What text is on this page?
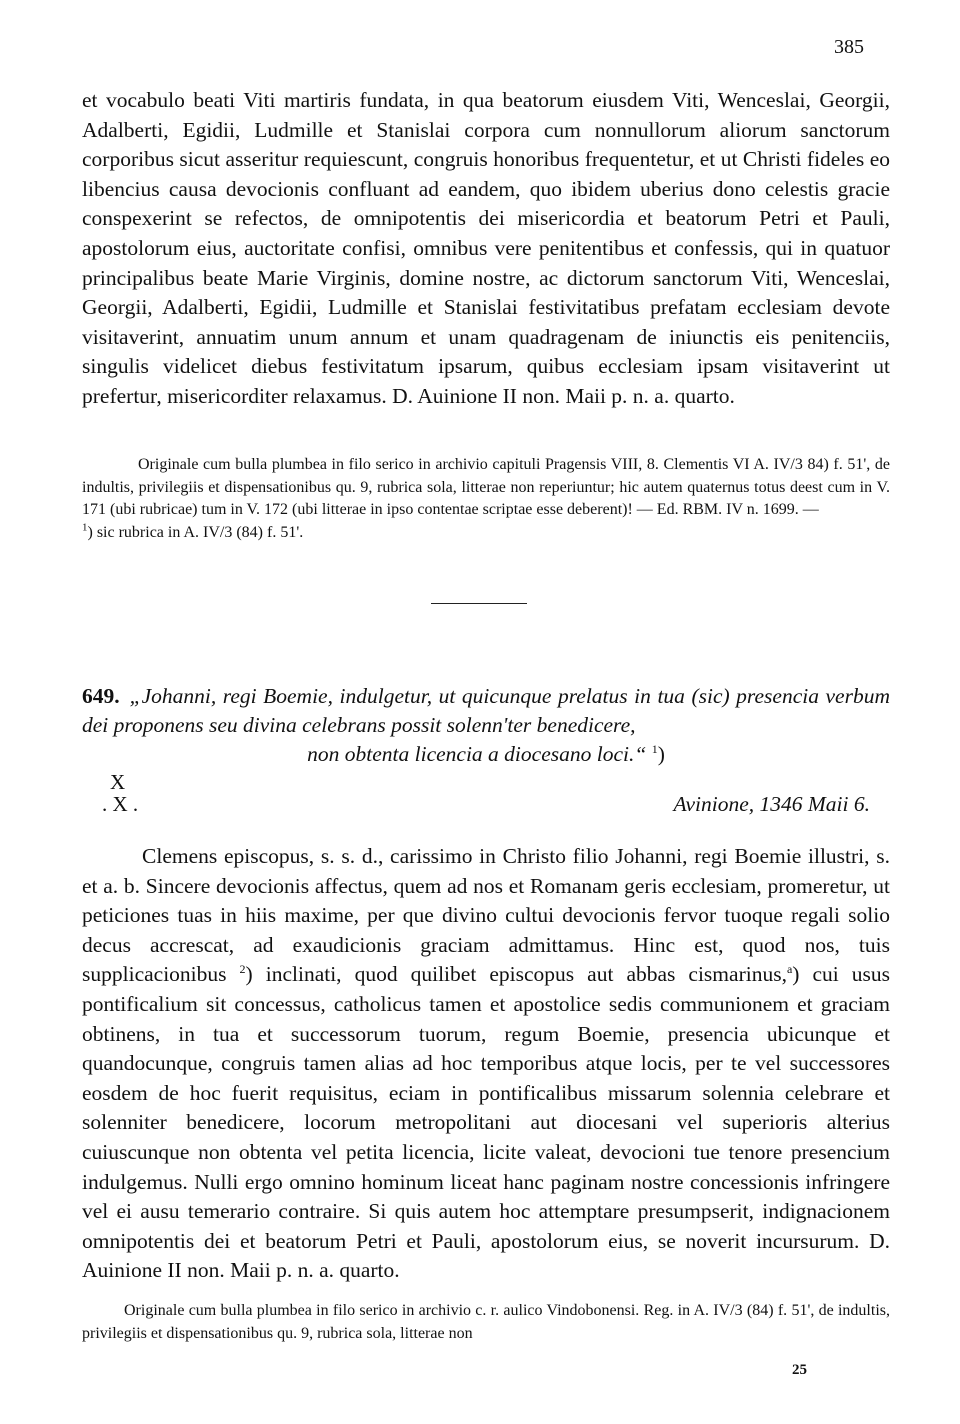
385

et vocabulo beati Viti martiris fundata, in qua beatorum eiusdem Viti, Wenceslai, Georgii, Adalberti, Egidii, Ludmille et Stanislai corpora cum nonnullorum aliorum sanctorum corporibus sicut asseritur requiescunt, congruis honoribus frequentetur, et ut Christi fideles eo libencius causa devocionis confluant ad eandem, quo ibidem uberius dono celestis gracie conspexerint se refectos, de omnipotentis dei misericordia et beatorum Petri et Pauli, apostolorum eius, auctoritate confisi, omnibus vere penitentibus et confessis, qui in quatuor principalibus beate Marie Virginis, domine nostre, ac dictorum sanctorum Viti, Wenceslai, Georgii, Adalberti, Egidii, Ludmille et Stanislai festivitatibus prefatam ecclesiam devote visitaverint, annuatim unum annum et unam quadragenam de iniunctis eis penitenciis, singulis videlicet diebus festivitatum ipsarum, quibus ecclesiam ipsam visitaverint ut prefertur, misericorditer relaxamus. D. Auinione II non. Maii p. n. a. quarto.

Originale cum bulla plumbea in filo serico in archivio capituli Pragensis VIII, 8. Clementis VI A. IV/3 84) f. 51', de indultis, privilegiis et dispensationibus qu. 9, rubrica sola, litterae non reperiuntur; hic autem quaternus totus deest cum in V. 171 (ubi rubricae) tum in V. 172 (ubi litterae in ipso contentae scriptae esse deberent)! — Ed. RBM. IV n. 1699. —

$^1$) sic rubrica in A. IV/3 (84) f. 51'.

649. „Johanni, regi Boemie, indulgetur, ut quicunque prelatus in tua (sic) presencia verbum dei proponens seu divina celebrans possit solenn'ter benedicere,
non obtenta licencia a diocesano loci.“ $^1$)

X
. X .	Avinione, 1346 Maii 6.

Clemens episcopus, s. s. d., carissimo in Christo filio Johanni, regi Boemie illustri, s. et a. b. Sincere devocionis affectus, quem ad nos et Romanam geris ecclesiam, promeretur, ut peticiones tuas in hiis maxime, per que divino cultui devocionis fervor tuoque regali solio decus accrescat, ad exaudicionis graciam admittamus. Hinc est, quod nos, tuis supplicacionibus $^2$) inclinati, quod quilibet episcopus aut abbas cismarinus,$^a$) cui usus pontificalium sit concessus, catholicus tamen et apostolice sedis communionem et graciam obtinens, in tua et successorum tuorum, regum Boemie, presencia ubicunque et quandocunque, congruis tamen alias ad hoc temporibus atque locis, per te vel successores eosdem de hoc fuerit requisitus, eciam in pontificalibus missarum solennia celebrare et solenniter benedicere, locorum metropolitani aut diocesani vel superioris alterius cuiuscunque non obtenta vel petita licencia, licite valeat, devocioni tue tenore presencium indulgemus. Nulli ergo omnino hominum liceat hanc paginam nostre concessionis infringere vel ei ausu temerario contraire. Si quis autem hoc attemptare presumpserit, indignacionem omnipotentis dei et beatorum Petri et Pauli, apostolorum eius, se noverit incursurum. D. Auinione II non. Maii p. n. a. quarto.

Originale cum bulla plumbea in filo serico in archivio c. r. aulico Vindobonensi. Reg. in A. IV/3 (84) f. 51', de indultis, privilegiis et dispensationibus qu. 9, rubrica sola, litterae non

25
